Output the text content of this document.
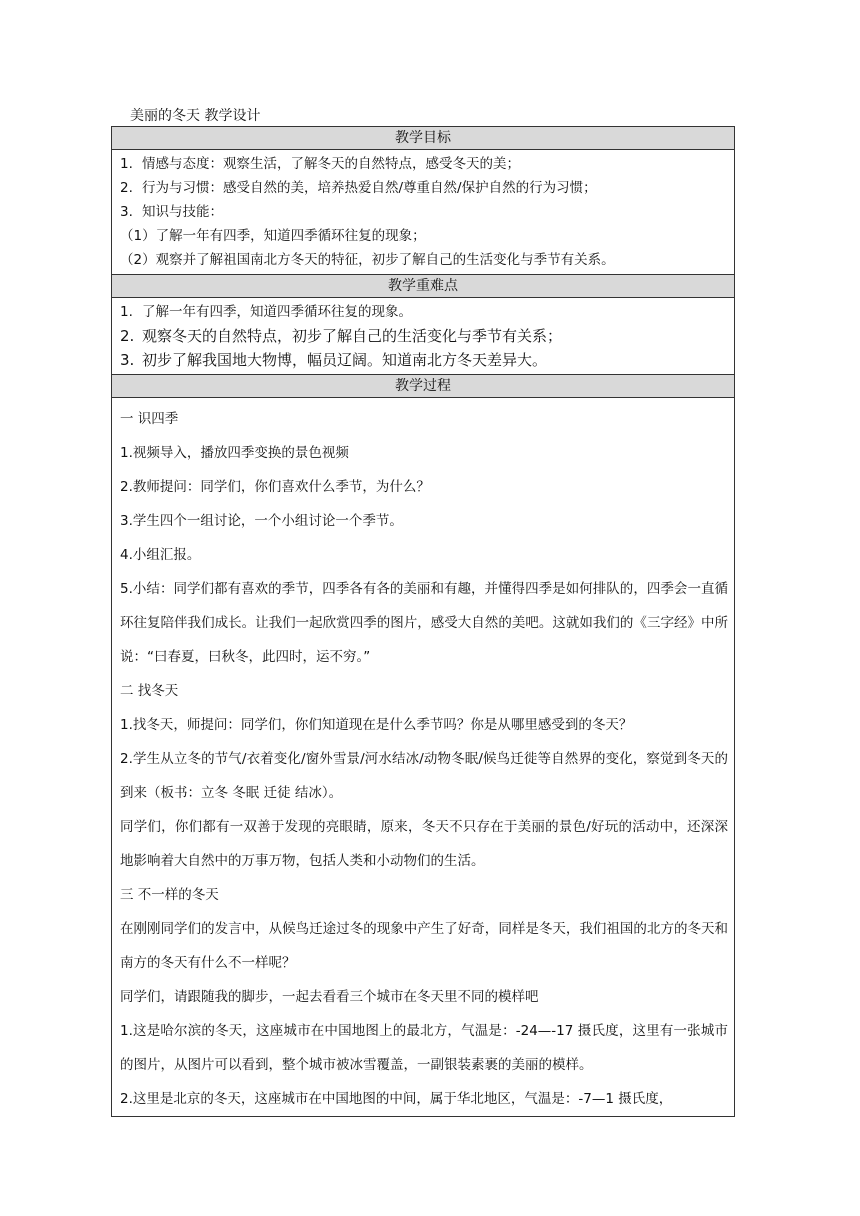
美丽的冬天 教学设计
教学目标
1. 情感与态度：观察生活，了解冬天的自然特点，感受冬天的美；
2. 行为与习惯：感受自然的美，培养热爱自然/尊重自然/保护自然的行为习惯；
3. 知识与技能：
（1）了解一年有四季，知道四季循环往复的现象；
（2）观察并了解祖国南北方冬天的特征，初步了解自己的生活变化与季节有关系。
教学重难点
1. 了解一年有四季，知道四季循环往复的现象。
2. 观察冬天的自然特点，初步了解自己的生活变化与季节有关系；
3. 初步了解我国地大物博，幅员辽阔。知道南北方冬天差异大。
教学过程
一 识四季
1.视频导入，播放四季变换的景色视频
2.教师提问：同学们，你们喜欢什么季节，为什么？
3.学生四个一组讨论，一个小组讨论一个季节。
4.小组汇报。
5.小结：同学们都有喜欢的季节，四季各有各的美丽和有趣，并懂得四季是如何排队的，四季会一直循环往复陪伴我们成长。让我们一起欣赏四季的图片，感受大自然的美吧。这就如我们的《三字经》中所说：“曰春夏，曰秋冬，此四时，运不穷。”
二 找冬天
1.找冬天，师提问：同学们，你们知道现在是什么季节吗？你是从哪里感受到的冬天？
2.学生从立冬的节气/衣着变化/窗外雪景/河水结冰/动物冬眠/候鸟迁徙等自然界的变化，察觉到冬天的到来（板书：立冬 冬眠 迁徒 结冰）。
同学们，你们都有一双善于发现的亮眼睛，原来，冬天不只存在于美丽的景色/好玩的活动中，还深深地影响着大自然中的万事万物，包括人类和小动物们的生活。
三 不一样的冬天
在刚刚同学们的发言中，从候鸟迁途过冬的现象中产生了好奇，同样是冬天，我们祖国的北方的冬天和南方的冬天有什么不一样呢？
同学们，请跟随我的脚步，一起去看看三个城市在冬天里不同的模样吧
1.这是哈尔滨的冬天，这座城市在中国地图上的最北方，气温是：-24—-17 摄氏度，这里有一张城市的图片，从图片可以看到，整个城市被冰雪覆盖，一副银装素裹的美丽的模样。
2.这里是北京的冬天，这座城市在中国地图的中间，属于华北地区，气温是：-7—1 摄氏度，
